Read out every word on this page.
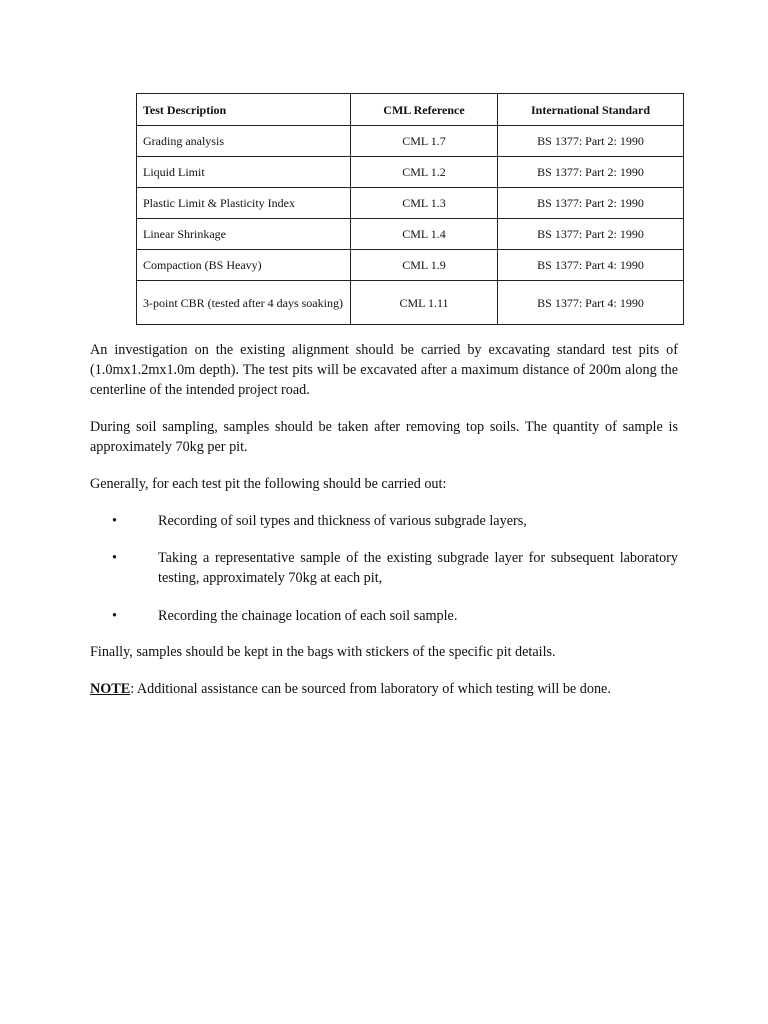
Test Description	CML Reference	International Standard
Grading analysis	CML 1.7	BS 1377: Part 2: 1990
Liquid Limit	CML 1.2	BS 1377: Part 2: 1990
Plastic Limit & Plasticity Index	CML 1.3	BS 1377: Part 2: 1990
Linear Shrinkage	CML 1.4	BS 1377: Part 2: 1990
Compaction (BS Heavy)	CML 1.9	BS 1377: Part 4: 1990
3-point CBR (tested after 4 days soaking)	CML 1.11	BS 1377: Part 4: 1990

An investigation on the existing alignment should be carried by excavating standard test pits of (1.0mx1.2mx1.0m depth). The test pits will be excavated after a maximum distance of 200m along the centerline of the intended project road.

During soil sampling, samples should be taken after removing top soils. The quantity of sample is approximately 70kg per pit.

Generally, for each test pit the following should be carried out:

•	Recording of soil types and thickness of various subgrade layers,
•	Taking a representative sample of the existing subgrade layer for subsequent laboratory testing, approximately 70kg at each pit,
•	Recording the chainage location of each soil sample.

Finally, samples should be kept in the bags with stickers of the specific pit details.

NOTE: Additional assistance can be sourced from laboratory of which testing will be done.
